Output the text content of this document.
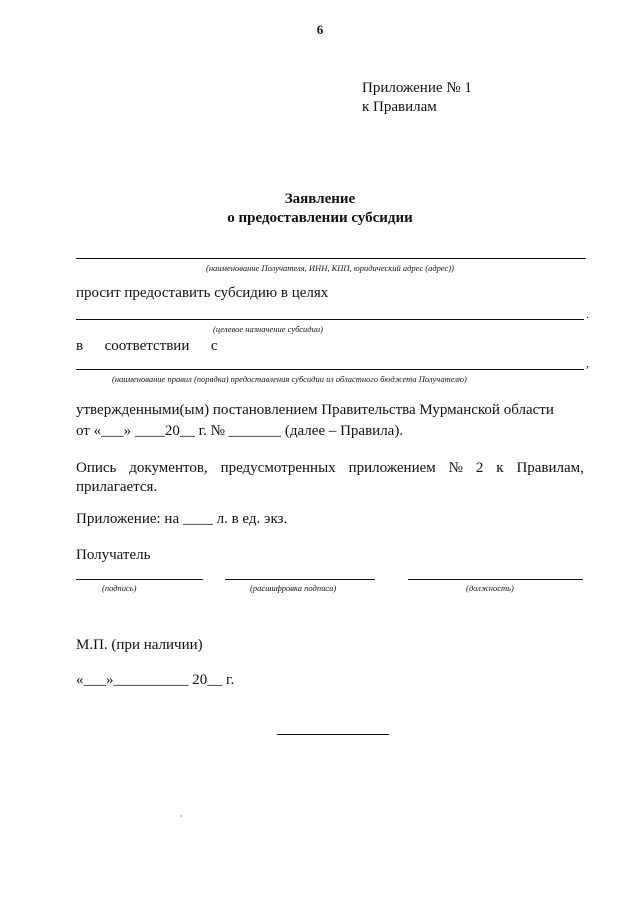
6
Приложение № 1
к Правилам
Заявление
о предоставлении субсидии
(наименование Получателя, ИНН, КПП, юридический адрес (адрес))
просит предоставить субсидию в целях
.
(целевое назначение субсидии)
в соответствии с
,
(наименование правил (порядка) предоставления субсидии из областного бюджета Получателю)
утвержденными(ым) постановлением Правительства Мурманской области
от «___» ____20__ г. № _______ (далее – Правила).
Опись документов, предусмотренных приложением № 2 к Правилам,
прилагается.
Приложение: на ____ л. в ед. экз.
Получатель
(подпись)	(расшифровка подписи)	(должность)
М.П. (при наличии)
«___»__________ 20__ г.
·
